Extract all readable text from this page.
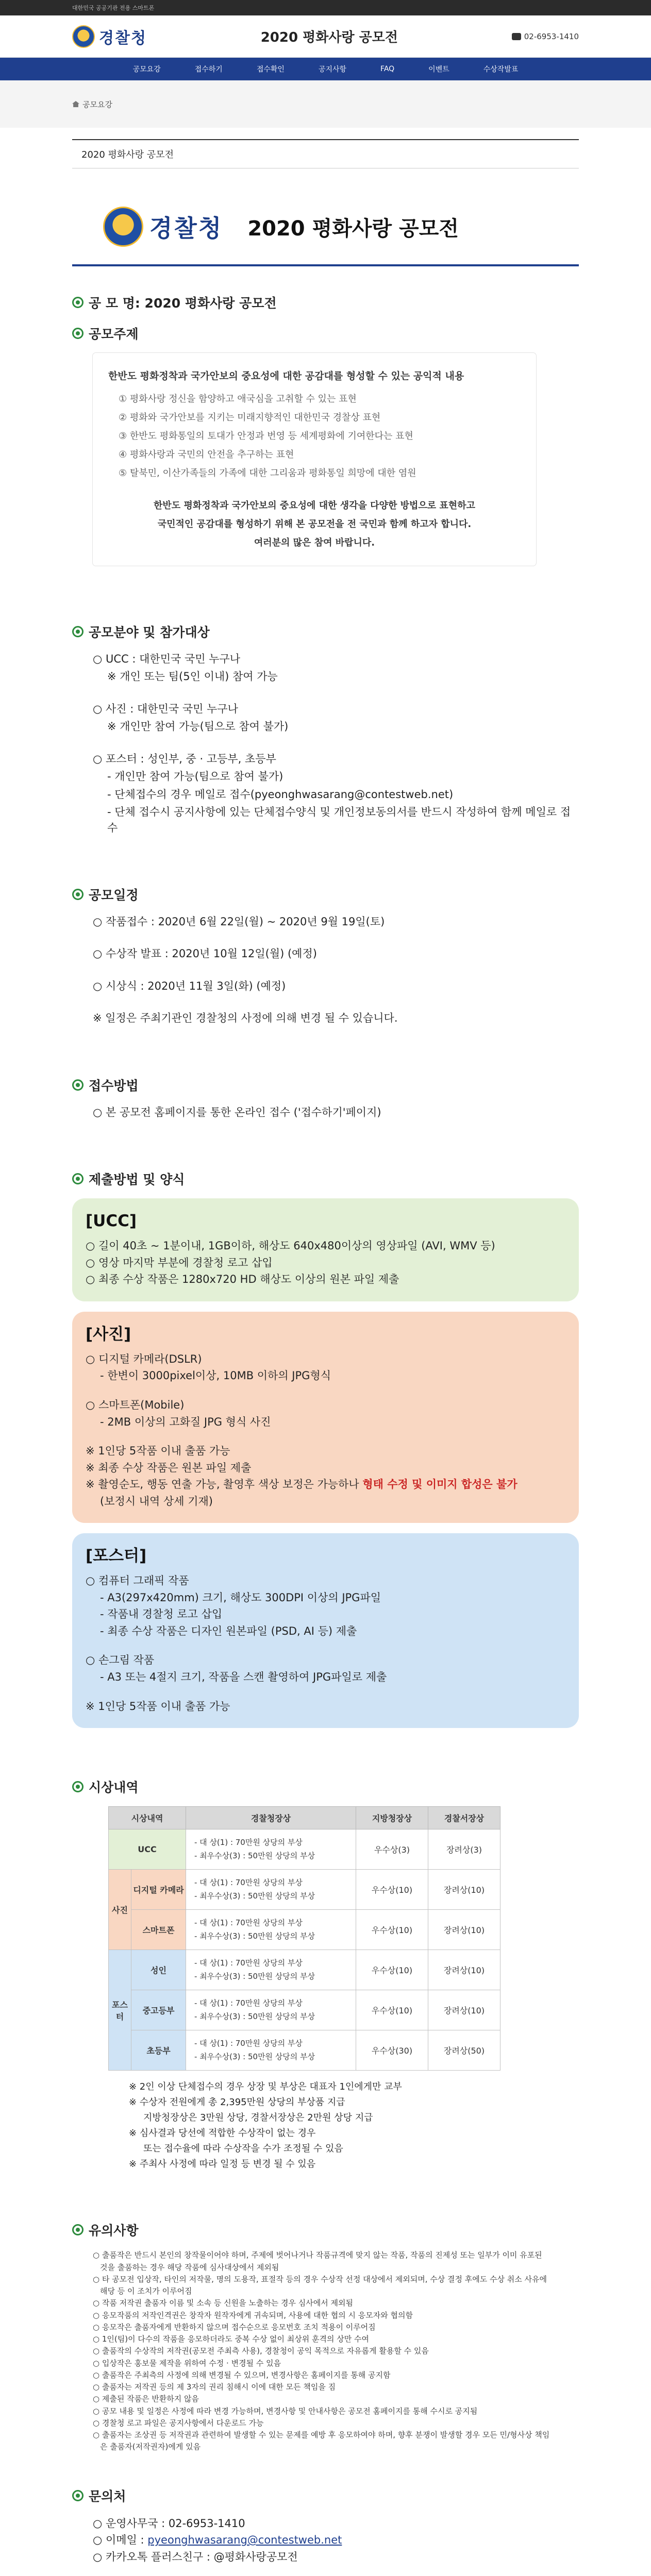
대한민국 공공기관 전용 스마트폰
경찰청	2020 평화사랑 공모전	02-6953-1410
공모요강	접수하기	접수확인	공지사항	FAQ	이벤트	수상작발표
공모요강
2020 평화사랑 공모전
경찰청 2020 평화사랑 공모전
공 모 명: 2020 평화사랑 공모전
공모주제
한반도 평화정착과 국가안보의 중요성에 대한 공감대를 형성할 수 있는 공익적 내용
① 평화사랑 정신을 함양하고 애국심을 고취할 수 있는 표현
② 평화와 국가안보를 지키는 미래지향적인 대한민국 경찰상 표현
③ 한반도 평화통일의 토대가 안정과 번영 등 세계평화에 기여한다는 표현
④ 평화사랑과 국민의 안전을 추구하는 표현
⑤ 탈북민, 이산가족들의 가족에 대한 그리움과 평화통일 희망에 대한 염원
한반도 평화정착과 국가안보의 중요성에 대한 생각을 다양한 방법으로 표현하고
국민적인 공감대를 형성하기 위해 본 공모전을 전 국민과 함께 하고자 합니다.
여러분의 많은 참여 바랍니다.
공모분야 및 참가대상

○ UCC : 대한민국 국민 누구나

※ 개인 또는 팀(5인 이내) 참여 가능

○ 사진 : 대한민국 국민 누구나

※ 개인만 참여 가능(팀으로 참여 불가)

○ 포스터 : 성인부, 중 · 고등부, 초등부

- 개인만 참여 가능(팀으로 참여 불가)

- 단체접수의 경우 메일로 접수(pyeonghwasarang@contestweb.net)

- 단체 접수시 공지사항에 있는 단체접수양식 및 개인정보동의서를 반드시 작성하여 함께 메일로 접수

공모일정

○ 작품접수 : 2020년 6월 22일(월) ~ 2020년 9월 19일(토)

○ 수상작 발표 : 2020년 10월 12일(월) (예정)

○ 시상식 : 2020년 11월 3일(화) (예정)

※ 일정은 주최기관인 경찰청의 사정에 의해 변경 될 수 있습니다.

접수방법

○ 본 공모전 홈페이지를 통한 온라인 접수 ('접수하기'페이지)

제출방법 및 양식
[UCC]

○ 길이 40초 ~ 1분이내, 1GB이하, 해상도 640x480이상의 영상파일 (AVI, WMV 등)

○ 영상 마지막 부분에 경찰청 로고 삽입

○ 최종 수상 작품은 1280x720 HD 해상도 이상의 원본 파일 제출

[사진]

○ 디지털 카메라(DSLR)

- 한변이 3000pixel이상, 10MB 이하의 JPG형식

○ 스마트폰(Mobile)

- 2MB 이상의 고화질 JPG 형식 사진

※ 1인당 5작품 이내 출품 가능

※ 최종 수상 작품은 원본 파일 제출

※ 촬영순도, 행동 연출 가능, 촬영후 색상 보정은 가능하나 형태 수정 및 이미지 합성은 불가

(보정시 내역 상세 기재)

[포스터]

○ 컴퓨터 그래픽 작품

- A3(297x420mm) 크기, 해상도 300DPI 이상의 JPG파일

- 작품내 경찰청 로고 삽입

- 최종 수상 작품은 디자인 원본파일 (PSD, AI 등) 제출

○ 손그림 작품

- A3 또는 4절지 크기, 작품을 스캔 촬영하여 JPG파일로 제출

※ 1인당 5작품 이내 출품 가능

시상내역
시상내역		경찰청장상	지방청장상	경찰서장상
UCC		- 대 상(1) : 70만원 상당의 부상
- 최우수상(3) : 50만원 상당의 부상	우수상(3)	장려상(3)
사진	디지털 카메라	- 대 상(1) : 70만원 상당의 부상
- 최우수상(3) : 50만원 상당의 부상	우수상(10)	장려상(10)
	스마트폰	- 대 상(1) : 70만원 상당의 부상
- 최우수상(3) : 50만원 상당의 부상	우수상(10)	장려상(10)
포스터	성인	- 대 상(1) : 70만원 상당의 부상
- 최우수상(3) : 50만원 상당의 부상	우수상(10)	장려상(10)
	중고등부	- 대 상(1) : 70만원 상당의 부상
- 최우수상(3) : 50만원 상당의 부상	우수상(10)	장려상(10)
	초등부	- 대 상(1) : 70만원 상당의 부상
- 최우수상(3) : 50만원 상당의 부상	우수상(30)	장려상(50)

※ 2인 이상 단체접수의 경우 상장 및 부상은 대표자 1인에게만 교부

※ 수상자 전원에게 총 2,395만원 상당의 부상품 지급

지방청장상은 3만원 상당, 경찰서장상은 2만원 상당 지급

※ 심사결과 당선에 적합한 수상작이 없는 경우

또는 접수율에 따라 수상작을 수가 조정될 수 있음

※ 주최사 사정에 따라 일정 등 변경 될 수 있음

유의사항

○ 출품작은 반드시 본인의 창작물이어야 하며, 주제에 벗어나거나 작품규격에 맞지 않는 작품, 작품의 진제성 또는 일부가 이미 유포된 것을 출품하는 경우 해당 작품에 심사대상에서 제외됨

○ 타 공모전 입상작, 타인의 저작물, 명의 도용작, 표절작 등의 경우 수상작 선정 대상에서 제외되며, 수상 결정 후에도 수상 취소 사유에 해당 등 이 조치가 이루어짐

○ 작품 저작권 출품자 이름 및 소속 등 신원을 노출하는 경우 심사에서 제외됨

○ 응모작품의 저작인격권은 창작자 원작자에게 귀속되며, 사용에 대한 협의 시 응모자와 협의함

○ 응모작은 출품자에게 반환하지 않으며 접수순으로 응모번호 조치 적용이 이루어짐

○ 1인(팀)이 다수의 작품을 응모하더라도 중복 수상 없이 최상위 훈격의 상만 수여

○ 출품작의 수상작의 저작권(공모전 주최측 사용), 경찰청이 공익 목적으로 자유롭게 활용할 수 있음

○ 입상작은 홍보물 제작을 위하여 수정 · 변경될 수 있음

○ 출품작은 주최측의 사정에 의해 변경될 수 있으며, 변경사항은 홈페이지를 통해 공지함

○ 출품자는 저작권 등의 제 3자의 권리 침해시 이에 대한 모든 책임을 짐

○ 제출된 작품은 반환하지 않음

○ 공모 내용 및 일정은 사정에 따라 변경 가능하며, 변경사항 및 안내사항은 공모전 홈페이지를 통해 수시로 공지됨

○ 경찰청 로고 파일은 공지사항에서 다운로드 가능

○ 출품자는 조상권 등 저작권과 관련하여 발생할 수 있는 문제를 예방 후 응모하여야 하며, 향후 분쟁이 발생할 경우 모든 민/형사상 책임은 출품자(저작권자)에게 있음

문의처

○ 운영사무국 : 02-6953-1410

○ 이메일 : pyeonghwasarang@contestweb.net

○ 카카오톡 플러스친구 : @평화사랑공모전
